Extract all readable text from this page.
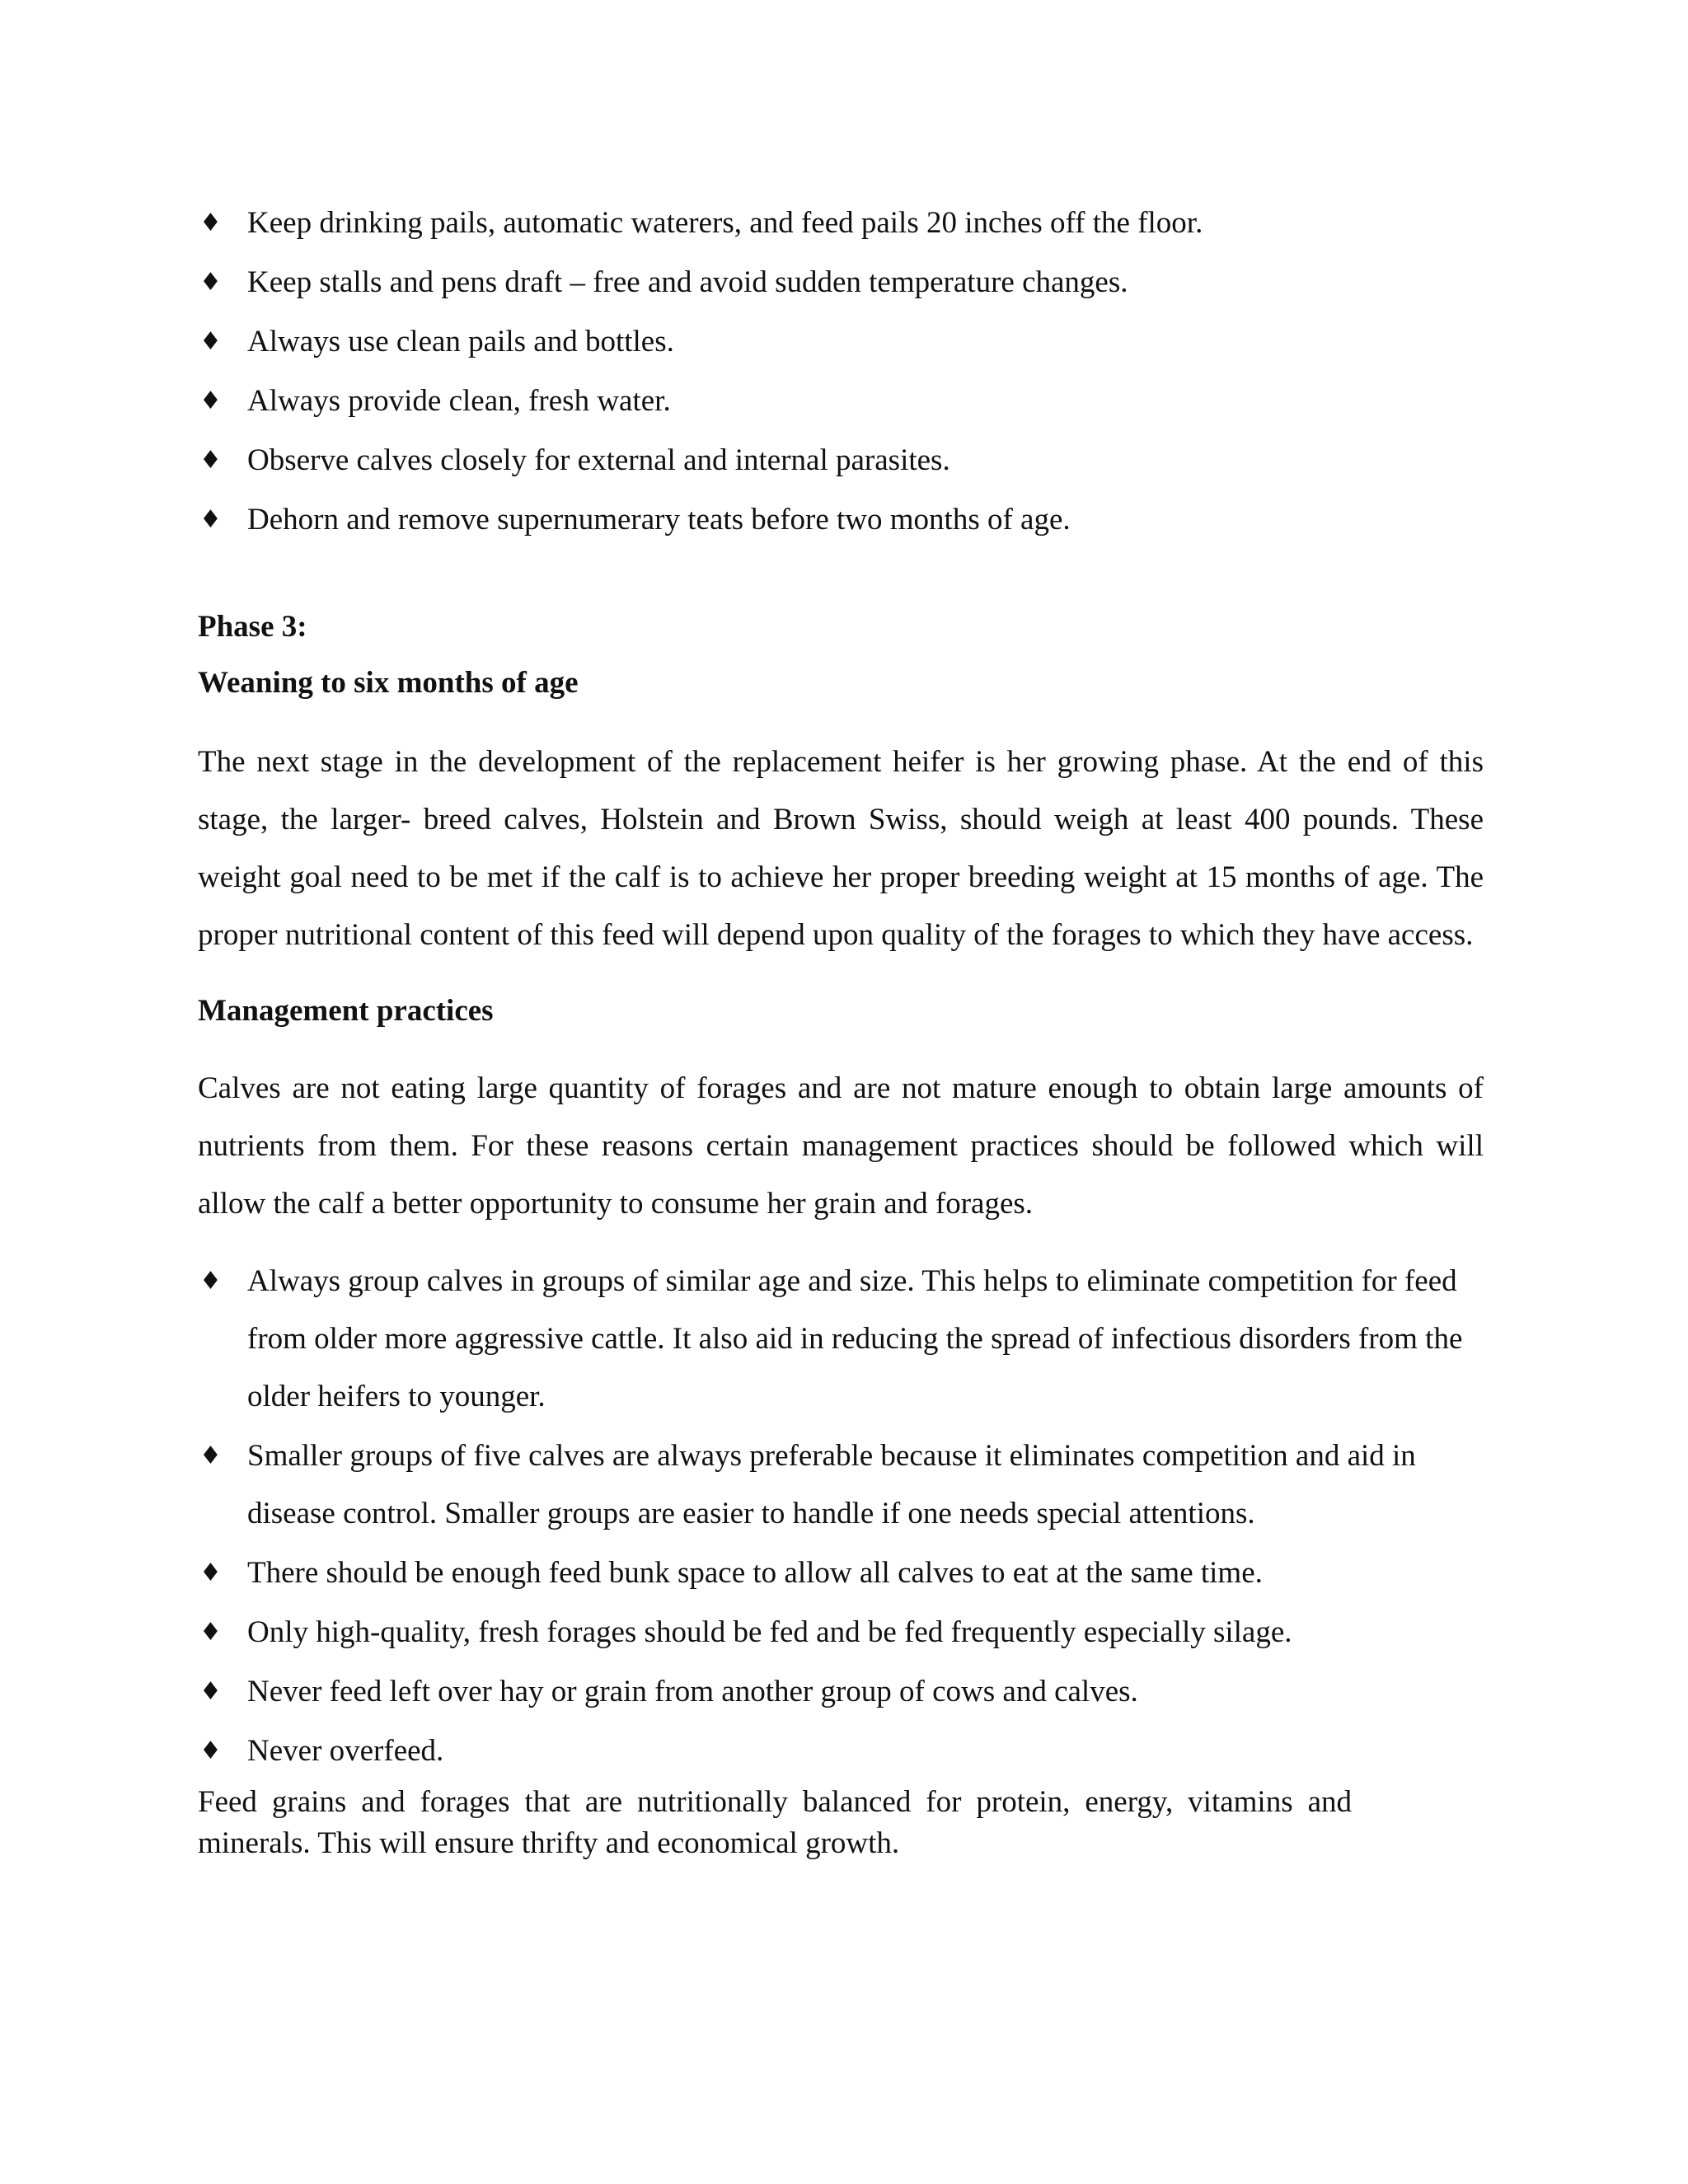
♦ Keep drinking pails, automatic waterers, and feed pails 20 inches off the floor.
♦ Keep stalls and pens draft – free and avoid sudden temperature changes.
♦ Always use clean pails and bottles.
♦ Always provide clean, fresh water.
♦ Observe calves closely for external and internal parasites.
♦ Dehorn and remove supernumerary teats before two months of age.
Phase 3:
Weaning to six months of age

The next stage in the development of the replacement heifer is her growing phase. At the end of this stage, the larger- breed calves, Holstein and Brown Swiss, should weigh at least 400 pounds. These weight goal need to be met if the calf is to achieve her proper breeding weight at 15 months of age. The proper nutritional content of this feed will depend upon quality of the forages to which they have access.

Management practices

Calves are not eating large quantity of forages and are not mature enough to obtain large amounts of nutrients from them. For these reasons certain management practices should be followed which will allow the calf a better opportunity to consume her grain and forages.

♦ Always group calves in groups of similar age and size. This helps to eliminate competition for feed from older more aggressive cattle. It also aid in reducing the spread of infectious disorders from the older heifers to younger.
♦ Smaller groups of five calves are always preferable because it eliminates competition and aid in disease control. Smaller groups are easier to handle if one needs special attentions.
♦ There should be enough feed bunk space to allow all calves to eat at the same time.
♦ Only high-quality, fresh forages should be fed and be fed frequently especially silage.
♦ Never feed left over hay or grain from another group of cows and calves.
♦ Never overfeed.

Feed grains and forages that are nutritionally balanced for protein, energy, vitamins and minerals. This will ensure thrifty and economical growth.
